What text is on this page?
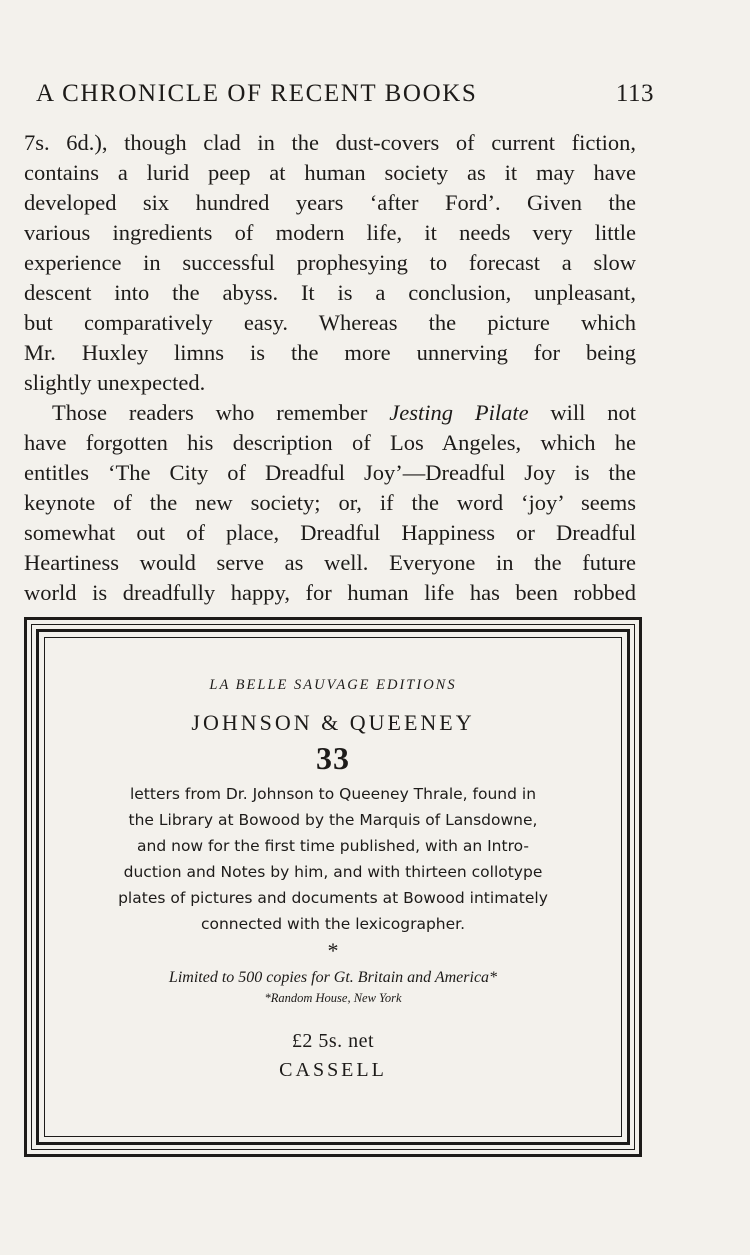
A CHRONICLE OF RECENT BOOKS	113

7s. 6d.), though clad in the dust-covers of current fiction,
contains a lurid peep at human society as it may have
developed six hundred years ‘after Ford’. Given the
various ingredients of modern life, it needs very little
experience in successful prophesying to forecast a slow
descent into the abyss. It is a conclusion, unpleasant,
but comparatively easy. Whereas the picture which
Mr. Huxley limns is the more unnerving for being
slightly unexpected.

Those readers who remember Jesting Pilate will not
have forgotten his description of Los Angeles, which he
entitles ‘The City of Dreadful Joy’—Dreadful Joy is the
keynote of the new society; or, if the word ‘joy’ seems
somewhat out of place, Dreadful Happiness or Dreadful
Heartiness would serve as well. Everyone in the future
world is dreadfully happy, for human life has been robbed

LA BELLE SAUVAGE EDITIONS
JOHNSON & QUEENEY
33
letters from Dr. Johnson to Queeney Thrale, found in
the Library at Bowood by the Marquis of Lansdowne,
and now for the first time published, with an Intro-
duction and Notes by him, and with thirteen collotype
plates of pictures and documents at Bowood intimately
connected with the lexicographer.
*
Limited to 500 copies for Gt. Britain and America*
*Random House, New York
£2 5s. net
CASSELL
